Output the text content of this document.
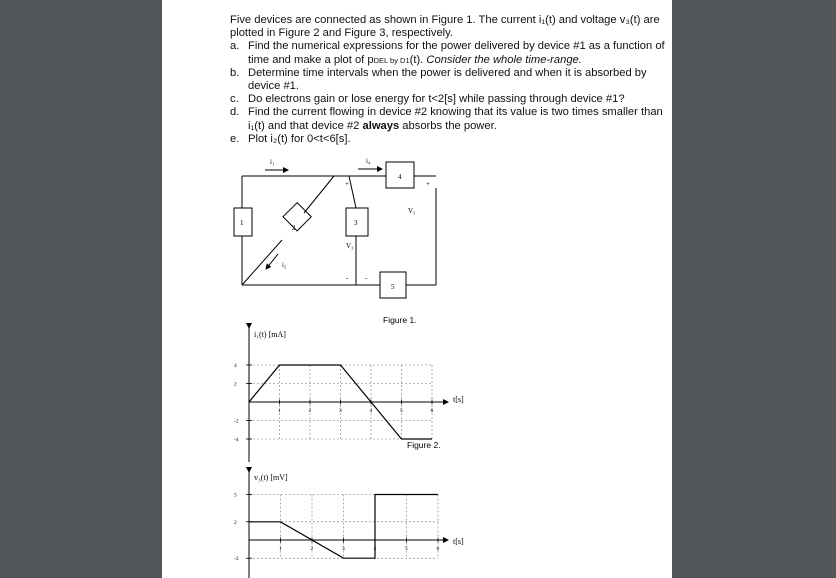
Five devices are connected as shown in Figure 1. The current i₁(t) and voltage v₃(t) are plotted in Figure 2 and Figure 3, respectively.

a. Find the numerical expressions for the power delivered by device #1 as a function of time and make a plot of pDEL by D1(t). Consider the whole time-range.
b. Determine time intervals when the power is delivered and when it is absorbed by device #1.
c. Do electrons gain or lose energy for t<2[s] while passing through device #1?
d. Find the current flowing in device #2 knowing that its value is two times smaller than i₁(t) and that device #2 always absorbs the power.
e. Plot i₂(t) for 0<t<6[s].
i₁	i₄
i₂
1
2
3
4
5
V₃
V₅
+
-
+
-
Figure 1.
1	2	3	4	5	6
4
2
-2
-4
i₁(t) [mA]
t[s]
Figure 2.
1	2	3	4	5	6
5
2
-2
v₃(t) [mV]
t[s]
